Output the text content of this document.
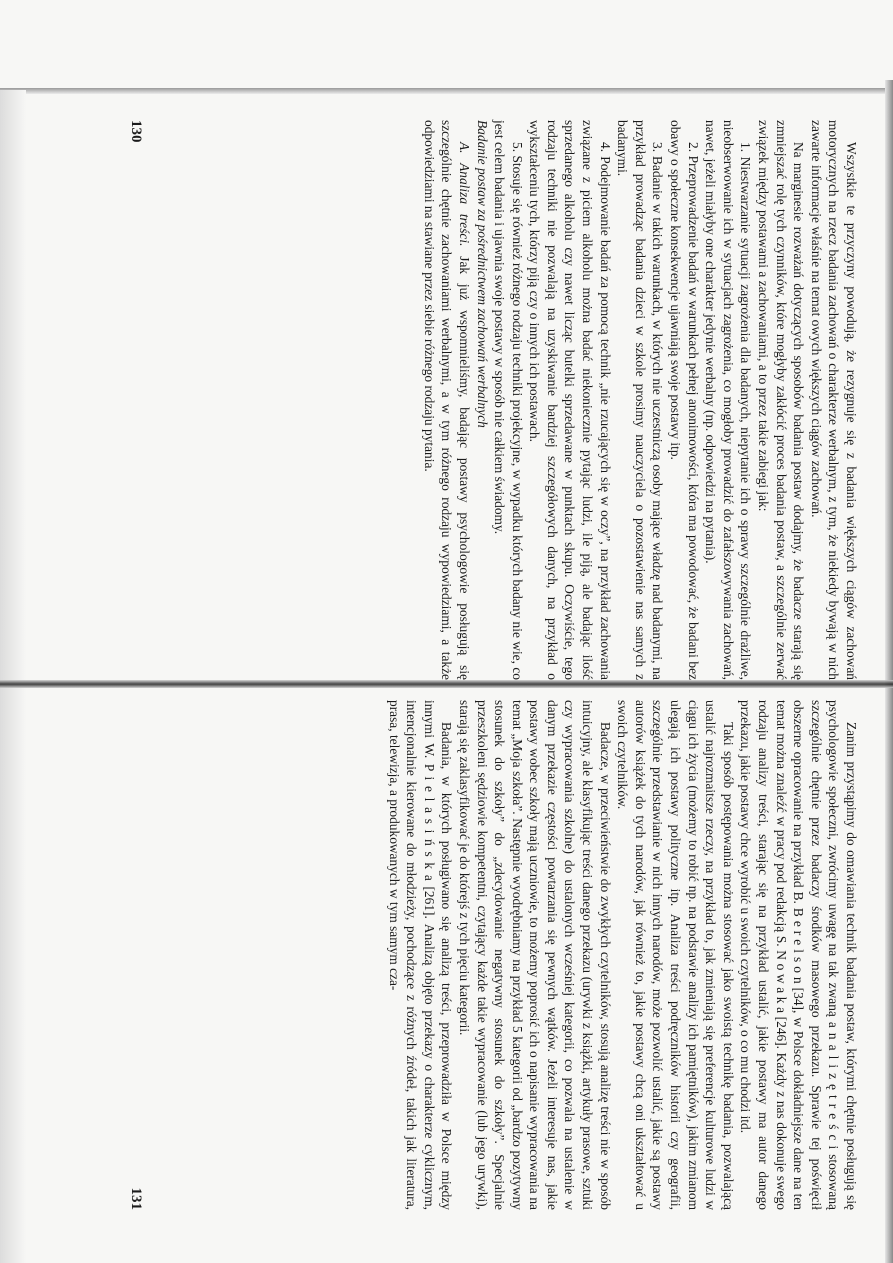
Wszystkie te przyczyny powodują, że rezygnuje się z badania większych ciągów zachowań motorycznych na rzecz badania zachowań o charakterze werbalnym, z tym, że niekiedy bywają w nich zawarte informacje właśnie na temat owych większych ciągów zachowań.

Na marginesie rozważań dotyczących sposobów badania postaw dodajmy, że badacze starają się zmniejszać rolę tych czynników, które mogłyby zakłócić proces badania postaw, a szczególnie zerwać związek między postawami a zachowaniami, a to przez takie zabiegi jak:

1. Niestwarzanie sytuacji zagrożenia dla badanych, niepytanie ich o sprawy szczególnie drażliwe, nieobserwowanie ich w sytuacjach zagrożenia, co mogłoby prowadzić do zafałszowywania zachowań, nawet, jeżeli miałyby one charakter jedynie werbalny (np. odpowiedzi na pytania).

2. Przeprowadzenie badań w warunkach pełnej anonimowości, która ma powodować, że badani bez obawy o społeczne konsekwencje ujawniają swoje postawy itp.

3. Badanie w takich warunkach, w których nie uczestniczą osoby mające władzę nad badanymi, na przykład prowadząc badania dzieci w szkole prosimy nauczyciela o pozostawienie nas samych z badanymi.

4. Podejmowanie badań za pomocą technik „nie rzucających się w oczy”, na przykład zachowania związane z piciem alkoholu można badać niekoniecznie pytając ludzi, ile piją, ale badając ilość sprzedanego alkoholu czy nawet licząc butelki sprzedawane w punktach skupu. Oczywiście, tego rodzaju techniki nie pozwalają na uzyskiwanie bardziej szczegółowych danych, na przykład o wykształceniu tych, którzy piją czy o innych ich postawach.

5. Stosuje się również różnego rodzaju techniki projekcyjne, w wypadku których badany nie wie, co jest celem badania i ujawnia swoje postawy w sposób nie całkiem świadomy.

Badanie postaw za pośrednictwem zachowań werbalnych

A. Analiza treści. Jak już wspomnieliśmy, badając postawy psychologowie posługują się szczególnie chętnie zachowaniami werbalnymi, a w tym różnego rodzaju wypowiedziami, a także odpowiedziami na stawiane przez siebie różnego rodzaju pytania.

130

Zanim przystąpimy do omawiania technik badania postaw, którymi chętnie posługują się psychologowie społeczni, zwrócimy uwagę na tak zwaną a n a l i z ę t r e ś c i stosowaną szczególnie chętnie przez badaczy środków masowego przekazu. Sprawie tej poświęcił obszerne opracowanie na przykład B. B e r e l s o n [34], w Polsce dokładniejsze dane na ten temat można znaleźć w pracy pod redakcją S. N o w a k a [246]. Każdy z nas dokonuje swego rodzaju analizy treści, starając się na przykład ustalić, jakie postawy ma autor danego przekazu, jakie postawy chce wyrobić u swoich czytelników, o co mu chodzi itd.

Taki sposób postępowania można stosować jako swoistą technikę badania, pozwalającą ustalić najrozmaitsze rzeczy, na przykład to, jak zmieniają się preferencje kulturowe ludzi w ciągu ich życia (możemy to robić np. na podstawie analizy ich pamiętników), jakim zmianom ulegają ich postawy polityczne itp. Analiza treści podręczników historii czy geografii, szczególnie przedstawianie w nich innych narodów, może pozwolić ustalić, jakie są postawy autorów książek do tych narodów, jak również to, jakie postawy chcą oni ukształtować u swoich czytelników.

Badacze, w przeciwieństwie do zwykłych czytelników, stosują analizę treści nie w sposób intuicyjny, ale klasyfikując treści danego przekazu (urywki z książki, artykuły prasowe, sztuki czy wypracowania szkolne) do ustalonych wcześniej kategorii, co pozwala na ustalenie w danym przekazie częstości powtarzania się pewnych wątków. Jeżeli interesuje nas, jakie postawy wobec szkoły mają uczniowie, to możemy poprosić ich o napisanie wypracowania na temat „Moja szkoła”. Następnie wyodrębniamy na przykład 5 kategorii od „bardzo pozytywny stosunek do szkoły” do „zdecydowanie negatywny stosunek do szkoły”. Specjalnie przeszkoleni sędziowie kompetentni, czytający każde takie wypracowanie (lub jego urywki), starają się zaklasyfikować je do którejś z tych pięciu kategorii.

Badania, w których posługiwano się analizą treści, przeprowadziła w Polsce między innymi W. P i e l a s i ń s k a [261]. Analizą objęto przekazy o charakterze cyklicznym, intencjonalnie kierowane do młodzieży, pochodzące z różnych źródeł, takich jak literatura, prasa, telewizja, a produkowanych w tym samym cza-

131
